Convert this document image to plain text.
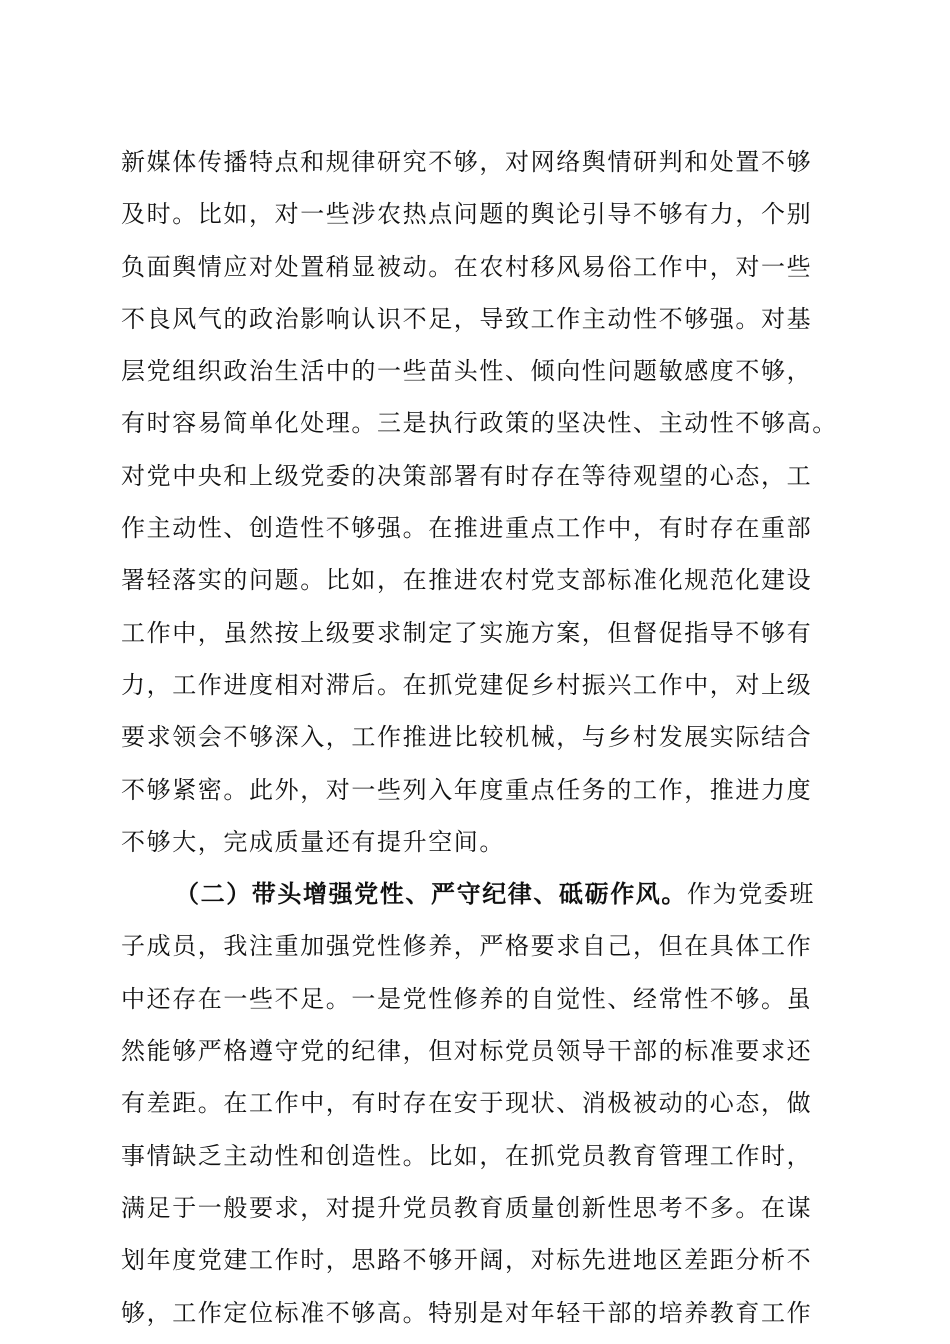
新媒体传播特点和规律研究不够，对网络舆情研判和处置不够
及时。比如，对一些涉农热点问题的舆论引导不够有力，个别
负面舆情应对处置稍显被动。在农村移风易俗工作中，对一些
不良风气的政治影响认识不足，导致工作主动性不够强。对基
层党组织政治生活中的一些苗头性、倾向性问题敏感度不够，
有时容易简单化处理。三是执行政策的坚决性、主动性不够高。
对党中央和上级党委的决策部署有时存在等待观望的心态，工
作主动性、创造性不够强。在推进重点工作中，有时存在重部
署轻落实的问题。比如，在推进农村党支部标准化规范化建设
工作中，虽然按上级要求制定了实施方案，但督促指导不够有
力，工作进度相对滞后。在抓党建促乡村振兴工作中，对上级
要求领会不够深入，工作推进比较机械，与乡村发展实际结合
不够紧密。此外，对一些列入年度重点任务的工作，推进力度
不够大，完成质量还有提升空间。
（二）带头增强党性、严守纪律、砥砺作风。作为党委班
子成员，我注重加强党性修养，严格要求自己，但在具体工作
中还存在一些不足。一是党性修养的自觉性、经常性不够。虽
然能够严格遵守党的纪律，但对标党员领导干部的标准要求还
有差距。在工作中，有时存在安于现状、消极被动的心态，做
事情缺乏主动性和创造性。比如，在抓党员教育管理工作时，
满足于一般要求，对提升党员教育质量创新性思考不多。在谋
划年度党建工作时，思路不够开阔，对标先进地区差距分析不
够，工作定位标准不够高。特别是对年轻干部的培养教育工作
